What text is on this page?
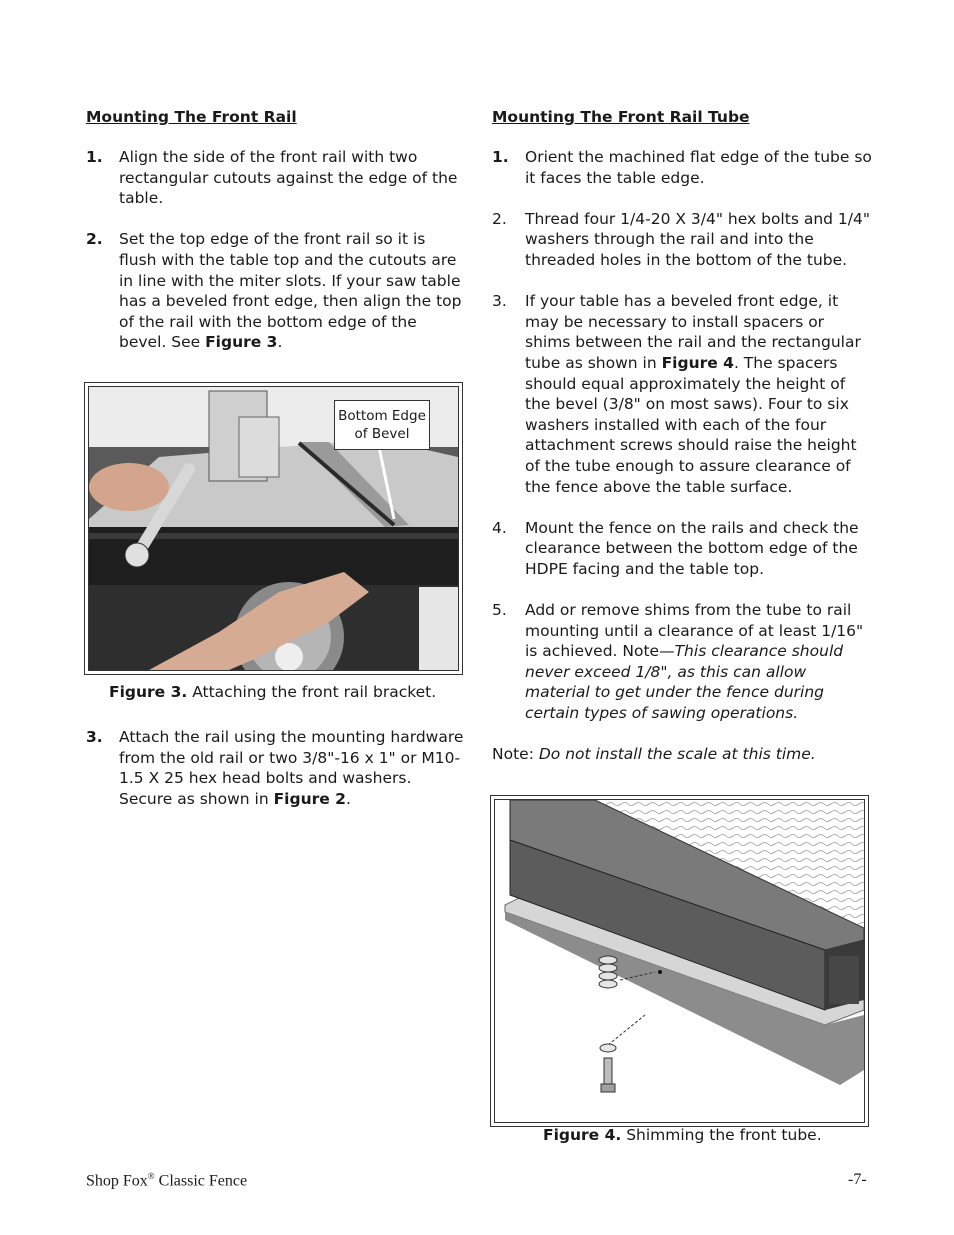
Mounting The Front Rail
1.	Align the side of the front rail with two rectangular cutouts against the edge of the table.
2.	Set the top edge of the front rail so it is flush with the table top and the cutouts are in line with the miter slots. If your saw table has a beveled front edge, then align the top of the rail with the bottom edge of the bevel. See Figure 3.
Bottom Edge
of Bevel
Figure 3. Attaching the front rail bracket.
3.	Attach the rail using the mounting hardware from the old rail or two 3/8"-16 x 1" or M10-1.5 X 25 hex head bolts and washers. Secure as shown in Figure 2.
Mounting The Front Rail Tube
1.	Orient the machined flat edge of the tube so it faces the table edge.
2.	Thread four 1/4-20 X 3/4" hex bolts and 1/4" washers through the rail and into the threaded holes in the bottom of the tube.
3.	If your table has a beveled front edge, it may be necessary to install spacers or shims between the rail and the rectangular tube as shown in Figure 4. The spacers should equal approximately the height of the bevel (3/8" on most saws). Four to six washers installed with each of the four attachment screws should raise the height of the tube enough to assure clearance of the fence above the table surface.
4.	Mount the fence on the rails and check the clearance between the bottom edge of the HDPE facing and the table top.
5.	Add or remove shims from the tube to rail mounting until a clearance of at least 1/16" is achieved. Note—This clearance should never exceed 1/8", as this can allow material to get under the fence during certain types of sawing operations.
Note: Do not install the scale at this time.
Figure 4. Shimming the front tube.
Shop Fox® Classic Fence	-7-
